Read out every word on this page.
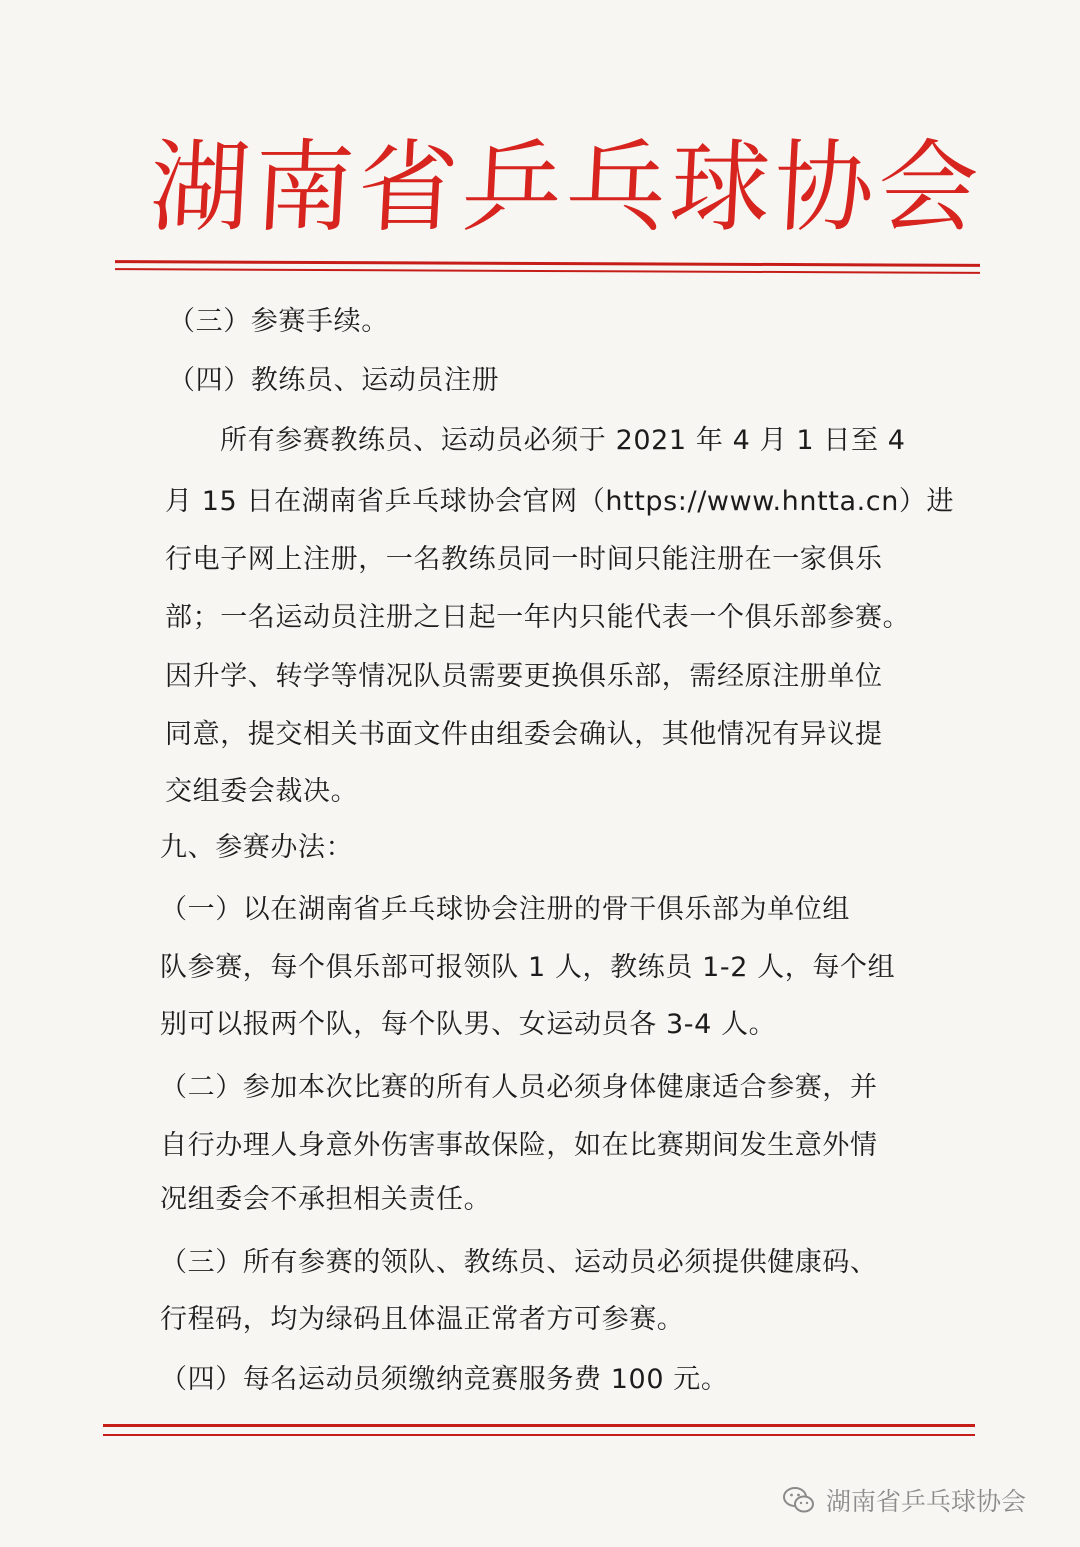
湖南省乒乓球协会

（三）参赛手续。

（四）教练员、运动员注册

所有参赛教练员、运动员必须于 2021 年 4 月 1 日至 4

月 15 日在湖南省乒乓球协会官网（https://www.hnttа.cn）进

行电子网上注册，一名教练员同一时间只能注册在一家俱乐

部；一名运动员注册之日起一年内只能代表一个俱乐部参赛。

因升学、转学等情况队员需要更换俱乐部，需经原注册单位

同意，提交相关书面文件由组委会确认，其他情况有异议提

交组委会裁决。

九、参赛办法：

（一）以在湖南省乒乓球协会注册的骨干俱乐部为单位组

队参赛，每个俱乐部可报领队 1 人，教练员 1-2 人，每个组

别可以报两个队，每个队男、女运动员各 3-4 人。

（二）参加本次比赛的所有人员必须身体健康适合参赛，并

自行办理人身意外伤害事故保险，如在比赛期间发生意外情

况组委会不承担相关责任。

（三）所有参赛的领队、教练员、运动员必须提供健康码、

行程码，均为绿码且体温正常者方可参赛。

（四）每名运动员须缴纳竞赛服务费 100 元。

湖南省乒乓球协会
